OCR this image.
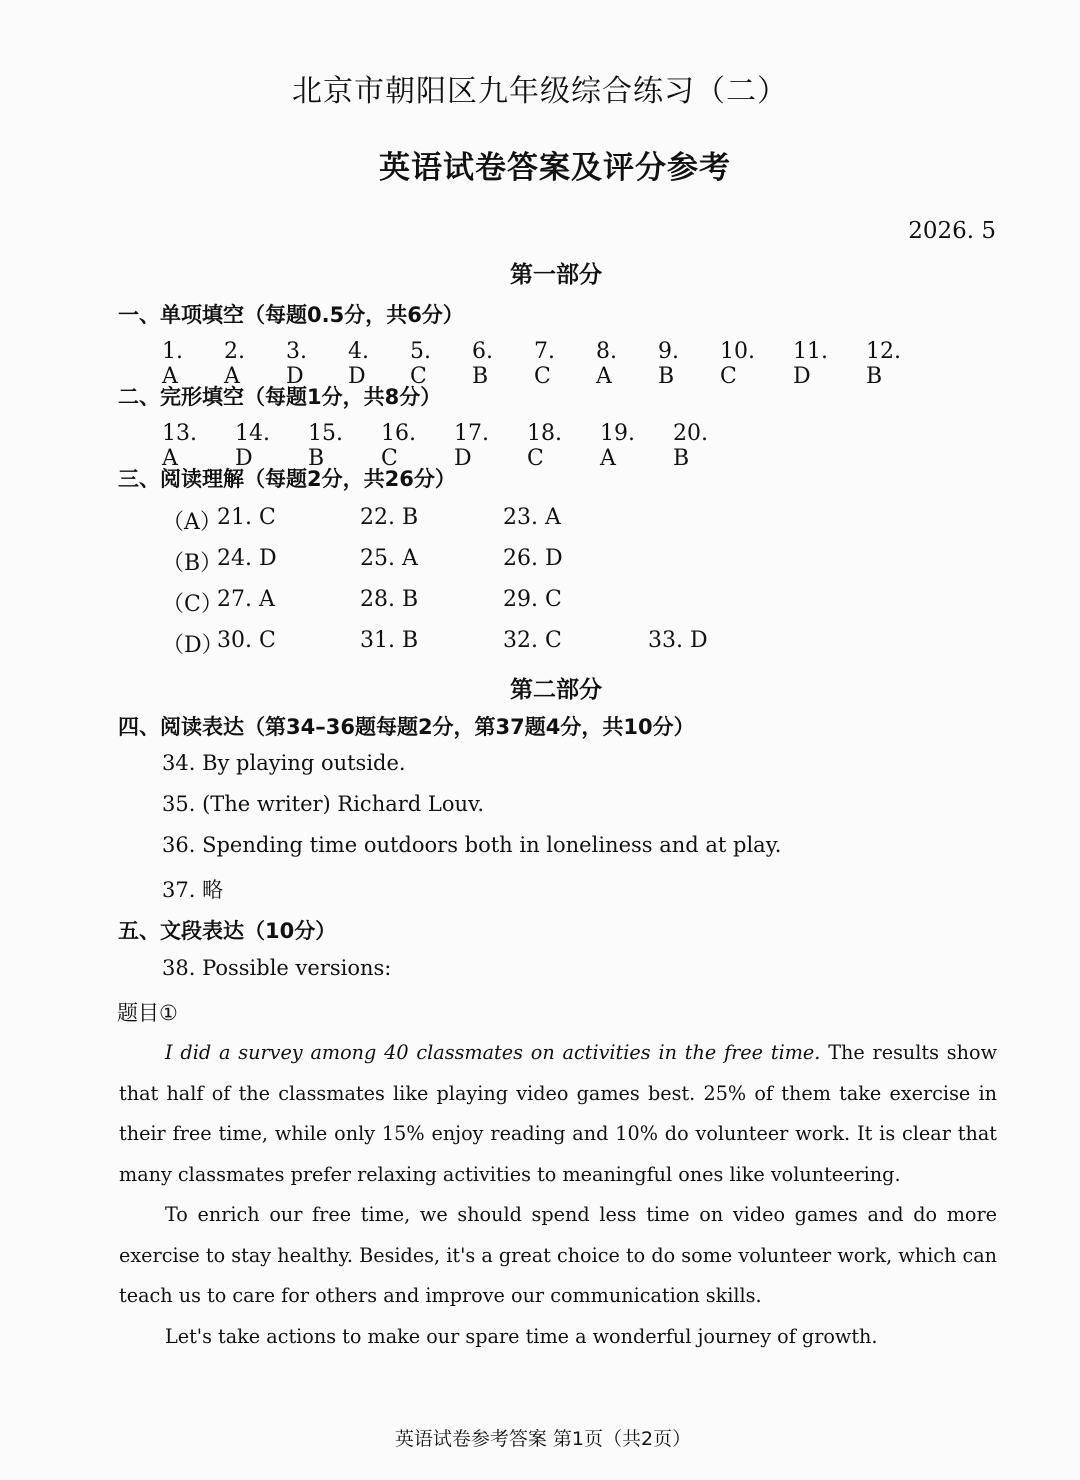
北京市朝阳区九年级综合练习（二）
英语试卷答案及评分参考
2026. 5
第一部分
一、单项填空（每题0.5分，共6分）
1. A
2. A
3. D
4. D
5. C
6. B
7. C
8. A
9. B
10. C
11. D
12. B
二、完形填空（每题1分，共8分）
13. A
14. D
15. B
16. C
17. D
18. C
19. A
20. B
三、阅读理解（每题2分，共26分）
（A）
21. C	22. B	23. A
（B）
24. D	25. A	26. D
（C）
27. A	28. B	29. C
（D）
30. C	31. B	32. C	33. D
第二部分
四、阅读表达（第34–36题每题2分，第37题4分，共10分）
34. By playing outside.
35. (The writer) Richard Louv.
36. Spending time outdoors both in loneliness and at play.
37. 略
五、文段表达（10分）
38. Possible versions:
题目①

I did a survey among 40 classmates on activities in the free time. The results show that half of the classmates like playing video games best. 25% of them take exercise in their free time, while only 15% enjoy reading and 10% do volunteer work. It is clear that many classmates prefer relaxing activities to meaningful ones like volunteering.

To enrich our free time, we should spend less time on video games and do more exercise to stay healthy. Besides, it's a great choice to do some volunteer work, which can teach us to care for others and improve our communication skills.

Let's take actions to make our spare time a wonderful journey of growth.

英语试卷参考答案 第1页（共2页）
